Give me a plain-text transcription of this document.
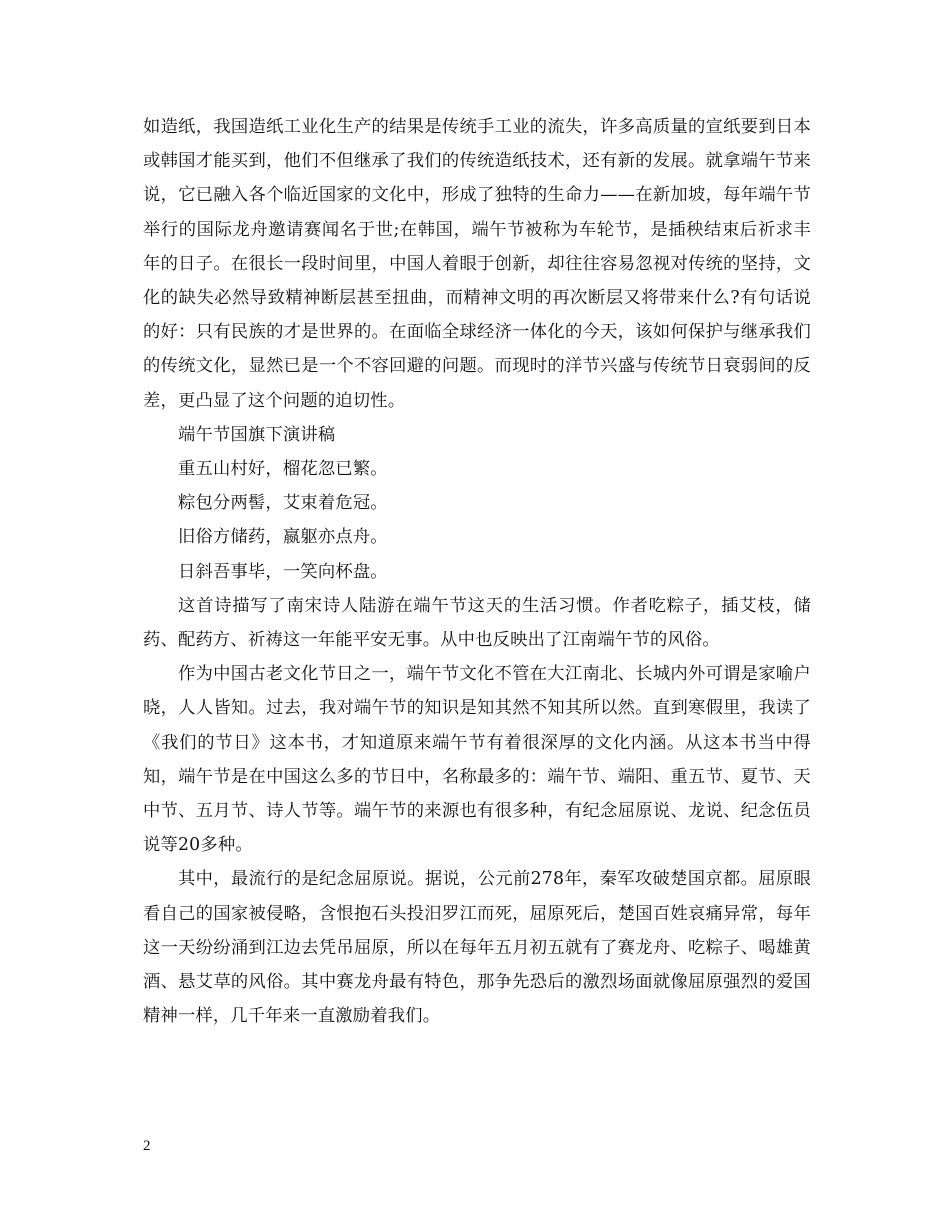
如造纸，我国造纸工业化生产的结果是传统手工业的流失，许多高质量的宣纸要到日本或韩国才能买到，他们不但继承了我们的传统造纸技术，还有新的发展。就拿端午节来说，它已融入各个临近国家的文化中，形成了独特的生命力——在新加坡，每年端午节举行的国际龙舟邀请赛闻名于世;在韩国，端午节被称为车轮节，是插秧结束后祈求丰年的日子。在很长一段时间里，中国人着眼于创新，却往往容易忽视对传统的坚持，文化的缺失必然导致精神断层甚至扭曲，而精神文明的再次断层又将带来什么?有句话说的好：只有民族的才是世界的。在面临全球经济一体化的今天，该如何保护与继承我们的传统文化，显然已是一个不容回避的问题。而现时的洋节兴盛与传统节日衰弱间的反差，更凸显了这个问题的迫切性。

端午节国旗下演讲稿

重五山村好，榴花忽已繁。

粽包分两髻，艾束着危冠。

旧俗方储药，嬴躯亦点舟。

日斜吾事毕，一笑向杯盘。

这首诗描写了南宋诗人陆游在端午节这天的生活习惯。作者吃粽子，插艾枝，储药、配药方、祈祷这一年能平安无事。从中也反映出了江南端午节的风俗。

作为中国古老文化节日之一，端午节文化不管在大江南北、长城内外可谓是家喻户晓，人人皆知。过去，我对端午节的知识是知其然不知其所以然。直到寒假里，我读了《我们的节日》这本书，才知道原来端午节有着很深厚的文化内涵。从这本书当中得知，端午节是在中国这么多的节日中，名称最多的：端午节、端阳、重五节、夏节、天中节、五月节、诗人节等。端午节的来源也有很多种，有纪念屈原说、龙说、纪念伍员说等20多种。

其中，最流行的是纪念屈原说。据说，公元前278年，秦军攻破楚国京都。屈原眼看自己的国家被侵略，含恨抱石头投汨罗江而死，屈原死后，楚国百姓哀痛异常，每年这一天纷纷涌到江边去凭吊屈原，所以在每年五月初五就有了赛龙舟、吃粽子、喝雄黄酒、悬艾草的风俗。其中赛龙舟最有特色，那争先恐后的激烈场面就像屈原强烈的爱国精神一样，几千年来一直激励着我们。

2
